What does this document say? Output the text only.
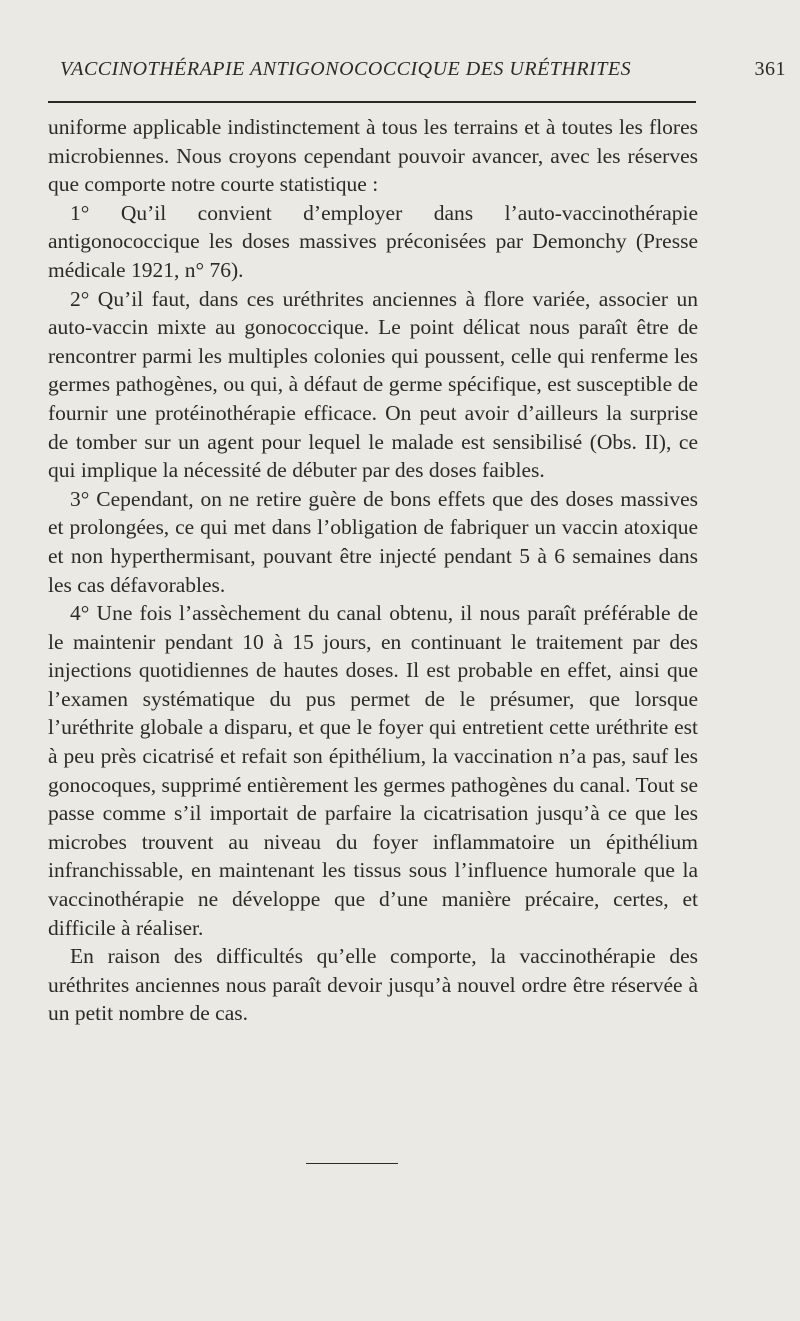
VACCINOTHÉRAPIE ANTIGONOCOCCIQUE DES URÉTHRITES	361

uniforme applicable indistinctement à tous les terrains et à toutes les flores microbiennes. Nous croyons cependant pouvoir avancer, avec les réserves que comporte notre courte statistique :

1° Qu’il convient d’employer dans l’auto-vaccinothérapie antigonococcique les doses massives préconisées par Demonchy (Presse médicale 1921, n° 76).

2° Qu’il faut, dans ces uréthrites anciennes à flore variée, associer un auto-vaccin mixte au gonococcique. Le point délicat nous paraît être de rencontrer parmi les multiples colonies qui poussent, celle qui renferme les germes pathogènes, ou qui, à défaut de germe spécifique, est susceptible de fournir une protéinothérapie efficace. On peut avoir d’ailleurs la surprise de tomber sur un agent pour lequel le malade est sensibilisé (Obs. II), ce qui implique la nécessité de débuter par des doses faibles.

3° Cependant, on ne retire guère de bons effets que des doses massives et prolongées, ce qui met dans l’obligation de fabriquer un vaccin atoxique et non hyperthermisant, pouvant être injecté pendant 5 à 6 semaines dans les cas défavorables.

4° Une fois l’assèchement du canal obtenu, il nous paraît préférable de le maintenir pendant 10 à 15 jours, en continuant le traitement par des injections quotidiennes de hautes doses. Il est probable en effet, ainsi que l’examen systématique du pus permet de le présumer, que lorsque l’uréthrite globale a disparu, et que le foyer qui entretient cette uréthrite est à peu près cicatrisé et refait son épithélium, la vaccination n’a pas, sauf les gonocoques, supprimé entièrement les germes pathogènes du canal. Tout se passe comme s’il importait de parfaire la cicatrisation jusqu’à ce que les microbes trouvent au niveau du foyer inflammatoire un épithélium infranchissable, en maintenant les tissus sous l’influence humorale que la vaccinothérapie ne développe que d’une manière précaire, certes, et difficile à réaliser.

En raison des difficultés qu’elle comporte, la vaccinothérapie des uréthrites anciennes nous paraît devoir jusqu’à nouvel ordre être réservée à un petit nombre de cas.
